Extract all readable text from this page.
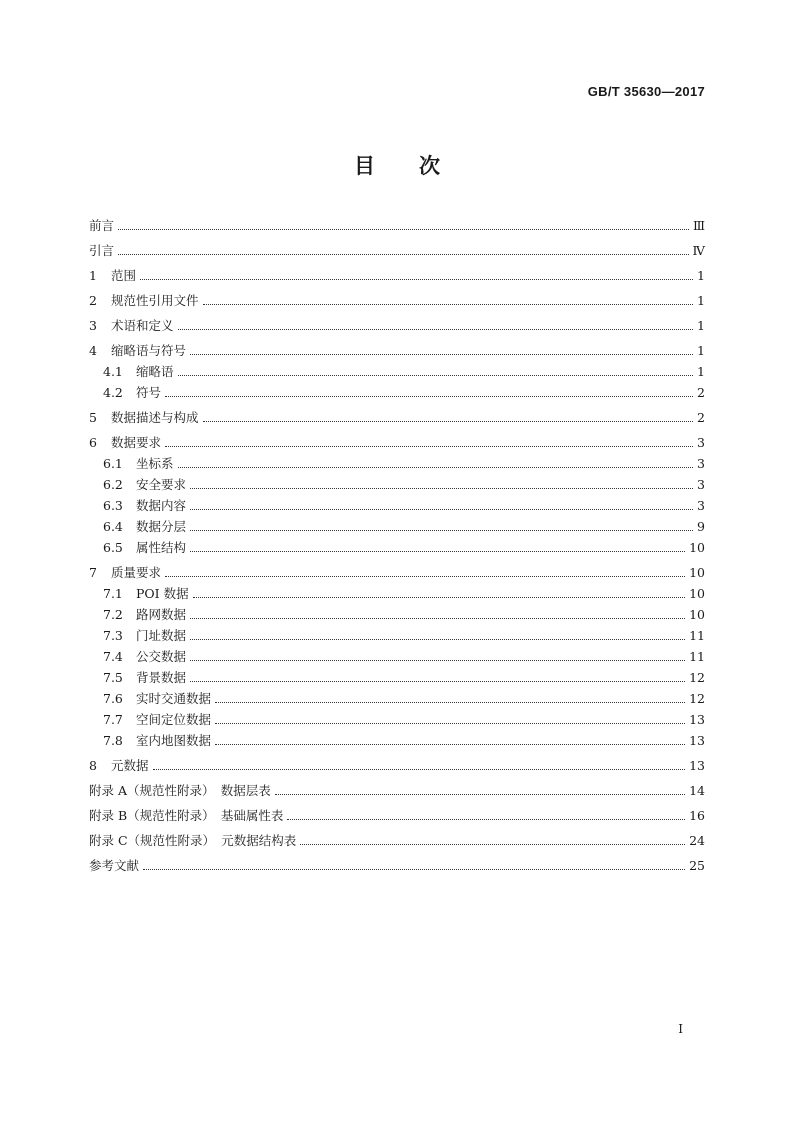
GB/T 35630—2017
目 次
前言	Ⅲ
引言	Ⅳ
1	范围	1
2	规范性引用文件	1
3	术语和定义	1
4	缩略语与符号	1
4.1	缩略语	1
4.2	符号	2
5	数据描述与构成	2
6	数据要求	3
6.1	坐标系	3
6.2	安全要求	3
6.3	数据内容	3
6.4	数据分层	9
6.5	属性结构	10
7	质量要求	10
7.1	POI 数据	10
7.2	路网数据	10
7.3	门址数据	11
7.4	公交数据	11
7.5	背景数据	12
7.6	实时交通数据	12
7.7	空间定位数据	13
7.8	室内地图数据	13
8	元数据	13
附录 A（规范性附录）　数据层表	14
附录 B（规范性附录）　基础属性表	16
附录 C（规范性附录）　元数据结构表	24
参考文献	25
Ⅰ
